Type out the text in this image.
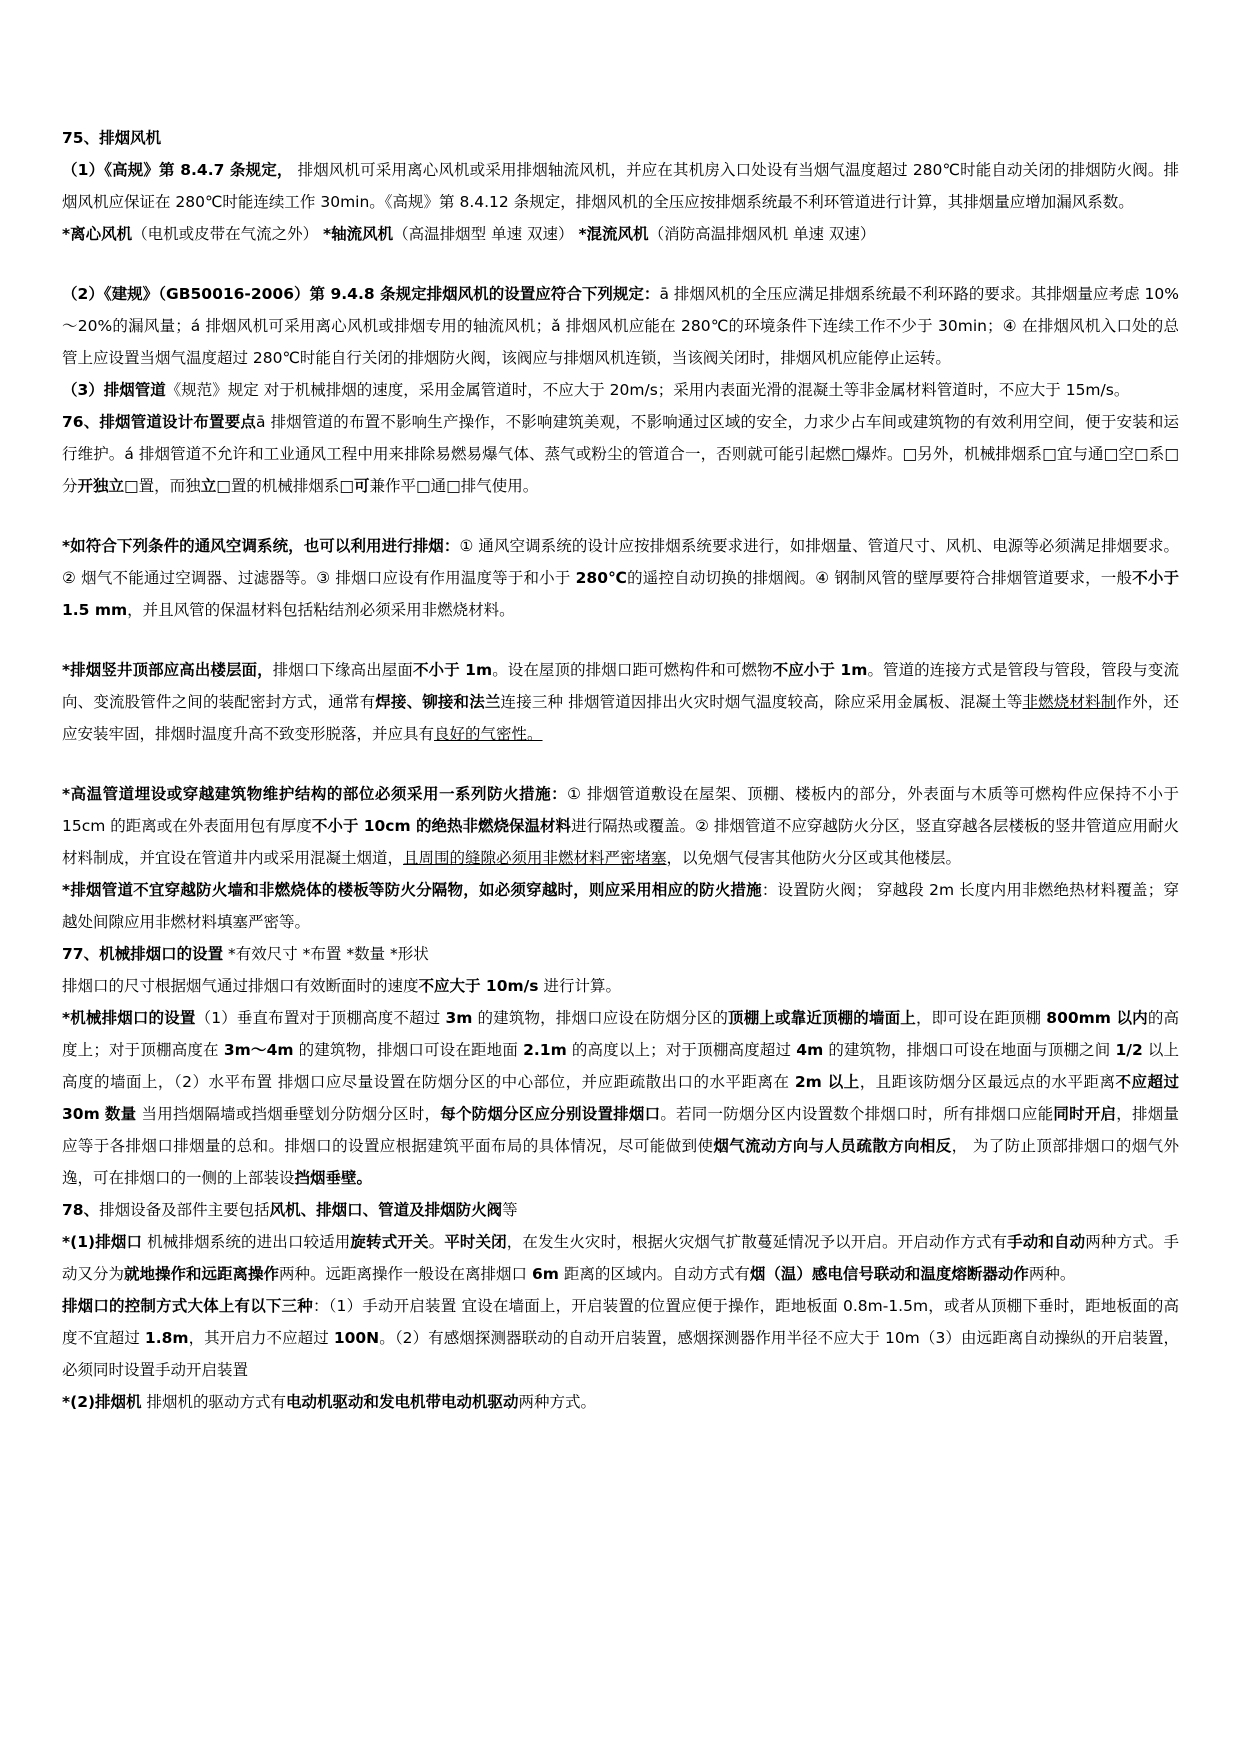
75、排烟风机

（1）《高规》第 8.4.7 条规定， 排烟风机可采用离心风机或采用排烟轴流风机，并应在其机房入口处设有当烟气温度超过 280℃时能自动关闭的排烟防火阀。排烟风机应保证在 280℃时能连续工作 30min。《高规》第 8.4.12 条规定，排烟风机的全压应按排烟系统最不利环管道进行计算，其排烟量应增加漏风系数。

*离心风机（电机或皮带在气流之外） *轴流风机（高温排烟型 单速 双速） *混流风机（消防高温排烟风机 单速 双速）

（2）《建规》（GB50016-2006）第 9.4.8 条规定排烟风机的设置应符合下列规定：ā 排烟风机的全压应满足排烟系统最不利环路的要求。其排烟量应考虑 10%～20%的漏风量；á 排烟风机可采用离心风机或排烟专用的轴流风机；ǎ 排烟风机应能在 280℃的环境条件下连续工作不少于 30min；④ 在排烟风机入口处的总管上应设置当烟气温度超过 280℃时能自行关闭的排烟防火阀，该阀应与排烟风机连锁，当该阀关闭时，排烟风机应能停止运转。

（3）排烟管道《规范》规定 对于机械排烟的速度，采用金属管道时，不应大于 20m/s；采用内表面光滑的混凝土等非金属材料管道时，不应大于 15m/s。

76、排烟管道设计布置要点ā 排烟管道的布置不影响生产操作，不影响建筑美观，不影响通过区域的安全，力求少占车间或建筑物的有效利用空间，便于安装和运行维护。á 排烟管道不允许和工业通风工程中用来排除易燃易爆气体、蒸气或粉尘的管道合一，否则就可能引起燃□爆炸。□另外，机械排烟系□宜与通□空□系□分开独立□置，而独立□置的机械排烟系□可兼作平□通□排气使用。

*如符合下列条件的通风空调系统，也可以利用进行排烟：① 通风空调系统的设计应按排烟系统要求进行，如排烟量、管道尺寸、风机、电源等必须满足排烟要求。② 烟气不能通过空调器、过滤器等。③ 排烟口应设有作用温度等于和小于 280℃的遥控自动切换的排烟阀。④ 钢制风管的壁厚要符合排烟管道要求，一般不小于 1.5 mm，并且风管的保温材料包括粘结剂必须采用非燃烧材料。

*排烟竖井顶部应高出楼层面，排烟口下缘高出屋面不小于 1m。设在屋顶的排烟口距可燃构件和可燃物不应小于 1m。管道的连接方式是管段与管段，管段与变流向、变流股管件之间的装配密封方式，通常有焊接、铆接和法兰连接三种 排烟管道因排出火灾时烟气温度较高，除应采用金属板、混凝土等非燃烧材料制作外，还应安装牢固，排烟时温度升高不致变形脱落，并应具有良好的气密性。

*高温管道埋设或穿越建筑物维护结构的部位必须采用一系列防火措施：① 排烟管道敷设在屋架、顶棚、楼板内的部分，外表面与木质等可燃构件应保持不小于 15cm 的距离或在外表面用包有厚度不小于 10cm 的绝热非燃烧保温材料进行隔热或覆盖。② 排烟管道不应穿越防火分区，竖直穿越各层楼板的竖井管道应用耐火材料制成，并宜设在管道井内或采用混凝土烟道，且周围的缝隙必须用非燃材料严密堵塞，以免烟气侵害其他防火分区或其他楼层。

*排烟管道不宜穿越防火墙和非燃烧体的楼板等防火分隔物，如必须穿越时，则应采用相应的防火措施：设置防火阀； 穿越段 2m 长度内用非燃绝热材料覆盖；穿越处间隙应用非燃材料填塞严密等。

77、机械排烟口的设置 *有效尺寸 *布置 *数量 *形状

排烟口的尺寸根据烟气通过排烟口有效断面时的速度不应大于 10m/s 进行计算。

*机械排烟口的设置（1）垂直布置对于顶棚高度不超过 3m 的建筑物，排烟口应设在防烟分区的顶棚上或靠近顶棚的墙面上，即可设在距顶棚 800mm 以内的高度上；对于顶棚高度在 3m～4m 的建筑物，排烟口可设在距地面 2.1m 的高度以上；对于顶棚高度超过 4m 的建筑物，排烟口可设在地面与顶棚之间 1/2 以上高度的墙面上，（2）水平布置 排烟口应尽量设置在防烟分区的中心部位，并应距疏散出口的水平距离在 2m 以上，且距该防烟分区最远点的水平距离不应超过 30m 数量 当用挡烟隔墙或挡烟垂壁划分防烟分区时，每个防烟分区应分别设置排烟口。若同一防烟分区内设置数个排烟口时，所有排烟口应能同时开启，排烟量应等于各排烟口排烟量的总和。排烟口的设置应根据建筑平面布局的具体情况，尽可能做到使烟气流动方向与人员疏散方向相反， 为了防止顶部排烟口的烟气外逸，可在排烟口的一侧的上部装设挡烟垂壁。

78、排烟设备及部件主要包括风机、排烟口、管道及排烟防火阀等

*(1)排烟口 机械排烟系统的进出口较适用旋转式开关。平时关闭，在发生火灾时，根据火灾烟气扩散蔓延情况予以开启。开启动作方式有手动和自动两种方式。手动又分为就地操作和远距离操作两种。远距离操作一般设在离排烟口 6m 距离的区域内。自动方式有烟（温）感电信号联动和温度熔断器动作两种。

排烟口的控制方式大体上有以下三种：（1）手动开启装置 宜设在墙面上，开启装置的位置应便于操作，距地板面 0.8m-1.5m，或者从顶棚下垂时，距地板面的高度不宜超过 1.8m，其开启力不应超过 100N。（2）有感烟探测器联动的自动开启装置，感烟探测器作用半径不应大于 10m（3）由远距离自动操纵的开启装置，必须同时设置手动开启装置

*(2)排烟机 排烟机的驱动方式有电动机驱动和发电机带电动机驱动两种方式。
